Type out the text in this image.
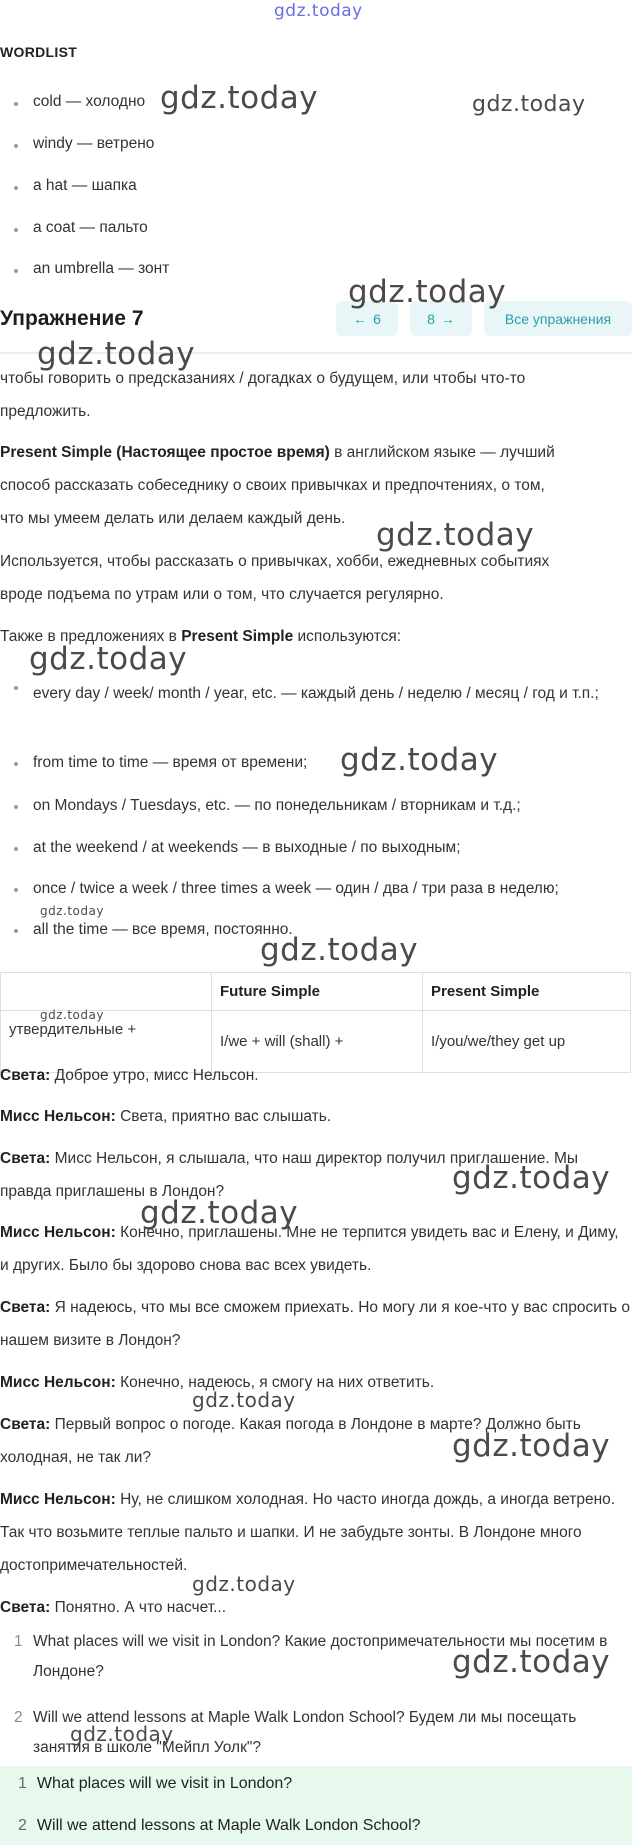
gdz.today
WORDLIST
cold — холодно
windy — ветрено
a hat — шапка
a coat — пальто
an umbrella — зонт
Упражнение 7	← 6	8 →	Все упражнения
чтобы говорить о предсказаниях / догадках о будущем, или чтобы что-то
предложить.
Present Simple (Настоящее простое время) в английском языке — лучший
способ рассказать собеседнику о своих привычках и предпочтениях, о том,
что мы умеем делать или делаем каждый день.
Используется, чтобы рассказать о привычках, хобби, ежедневных событиях
вроде подъема по утрам или о том, что случается регулярно.
Также в предложениях в Present Simple используются:
every day / week/ month / year, etc. — каждый день / неделю / месяц / год и т.п.;
from time to time — время от времени;
on Mondays / Tuesdays, etc. — по понедельникам / вторникам и т.д.;
at the weekend / at weekends — в выходные / по выходным;
once / twice a week / three times a week — один / два / три раза в неделю;
all the time — все время, постоянно.
	Future Simple	Present Simple
утвердительные +	I/we + will (shall) +	I/you/we/they get up
Света: Доброе утро, мисс Нельсон.
Мисс Нельсон: Света, приятно вас слышать.
Света: Мисс Нельсон, я слышала, что наш директор получил приглашение. Мы правда приглашены в Лондон?
Мисс Нельсон: Конечно, приглашены. Мне не терпится увидеть вас и Елену, и Диму, и других. Было бы здорово снова вас всех увидеть.
Света: Я надеюсь, что мы все сможем приехать. Но могу ли я кое-что у вас спросить о нашем визите в Лондон?
Мисс Нельсон: Конечно, надеюсь, я смогу на них ответить.
Света: Первый вопрос о погоде. Какая погода в Лондоне в марте? Должно быть холодная, не так ли?
Мисс Нельсон: Ну, не слишком холодная. Но часто иногда дождь, а иногда ветрено. Так что возьмите теплые пальто и шапки. И не забудьте зонты. В Лондоне много достопримечательностей.
Света: Понятно. А что насчет...
1 What places will we visit in London? Какие достопримечательности мы посетим в Лондоне?
2 Will we attend lessons at Maple Walk London School? Будем ли мы посещать занятия в школе "Мейпл Уолк"?
1 What places will we visit in London?
2 Will we attend lessons at Maple Walk London School?
gdz.today	gdz.today
gdz.today
gdz.today
gdz.today
gdz.today
gdz.today
gdz.today
gdz.today
gdz.today
gdz.today
gdz.today
gdz.today
gdz.today
gdz.today
gdz.today
gdz.today
